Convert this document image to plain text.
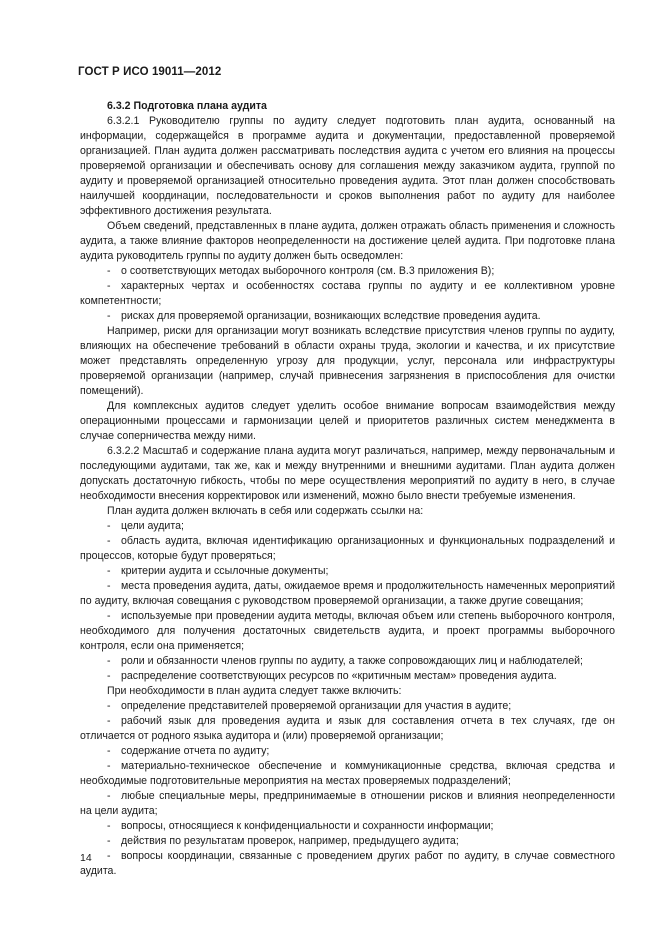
ГОСТ Р ИСО 19011—2012

6.3.2 Подготовка плана аудита

6.3.2.1 Руководителю группы по аудиту следует подготовить план аудита, основанный на информации, содержащейся в программе аудита и документации, предоставленной проверяемой организацией. План аудита должен рассматривать последствия аудита с учетом его влияния на процессы проверяемой организации и обеспечивать основу для соглашения между заказчиком аудита, группой по аудиту и проверяемой организацией относительно проведения аудита. Этот план должен способствовать наилучшей координации, последовательности и сроков выполнения работ по аудиту для наиболее эффективного достижения результата.

Объем сведений, представленных в плане аудита, должен отражать область применения и сложность аудита, а также влияние факторов неопределенности на достижение целей аудита. При подготовке плана аудита руководитель группы по аудиту должен быть осведомлен:

- о соответствующих методах выборочного контроля (см. В.3 приложения В);

- характерных чертах и особенностях состава группы по аудиту и ее коллективном уровне компетентности;

- рисках для проверяемой организации, возникающих вследствие проведения аудита.

Например, риски для организации могут возникать вследствие присутствия членов группы по аудиту, влияющих на обеспечение требований в области охраны труда, экологии и качества, и их присутствие может представлять определенную угрозу для продукции, услуг, персонала или инфраструктуры проверяемой организации (например, случай привнесения загрязнения в приспособления для очистки помещений).

Для комплексных аудитов следует уделить особое внимание вопросам взаимодействия между операционными процессами и гармонизации целей и приоритетов различных систем менеджмента в случае соперничества между ними.

6.3.2.2 Масштаб и содержание плана аудита могут различаться, например, между первоначальным и последующими аудитами, так же, как и между внутренними и внешними аудитами. План аудита должен допускать достаточную гибкость, чтобы по мере осуществления мероприятий по аудиту в него, в случае необходимости внесения корректировок или изменений, можно было внести требуемые изменения.

План аудита должен включать в себя или содержать ссылки на:

- цели аудита;

- область аудита, включая идентификацию организационных и функциональных подразделений и процессов, которые будут проверяться;

- критерии аудита и ссылочные документы;

- места проведения аудита, даты, ожидаемое время и продолжительность намеченных мероприятий по аудиту, включая совещания с руководством проверяемой организации, а также другие совещания;

- используемые при проведении аудита методы, включая объем или степень выборочного контроля, необходимого для получения достаточных свидетельств аудита, и проект программы выборочного контроля, если она применяется;

- роли и обязанности членов группы по аудиту, а также сопровождающих лиц и наблюдателей;

- распределение соответствующих ресурсов по «критичным местам» проведения аудита.

При необходимости в план аудита следует также включить:

- определение представителей проверяемой организации для участия в аудите;

- рабочий язык для проведения аудита и язык для составления отчета в тех случаях, где он отличается от родного языка аудитора и (или) проверяемой организации;

- содержание отчета по аудиту;

- материально-техническое обеспечение и коммуникационные средства, включая средства и необходимые подготовительные мероприятия на местах проверяемых подразделений;

- любые специальные меры, предпринимаемые в отношении рисков и влияния неопределенности на цели аудита;

- вопросы, относящиеся к конфиденциальности и сохранности информации;

- действия по результатам проверок, например, предыдущего аудита;

- вопросы координации, связанные с проведением других работ по аудиту, в случае совместного аудита.

14
